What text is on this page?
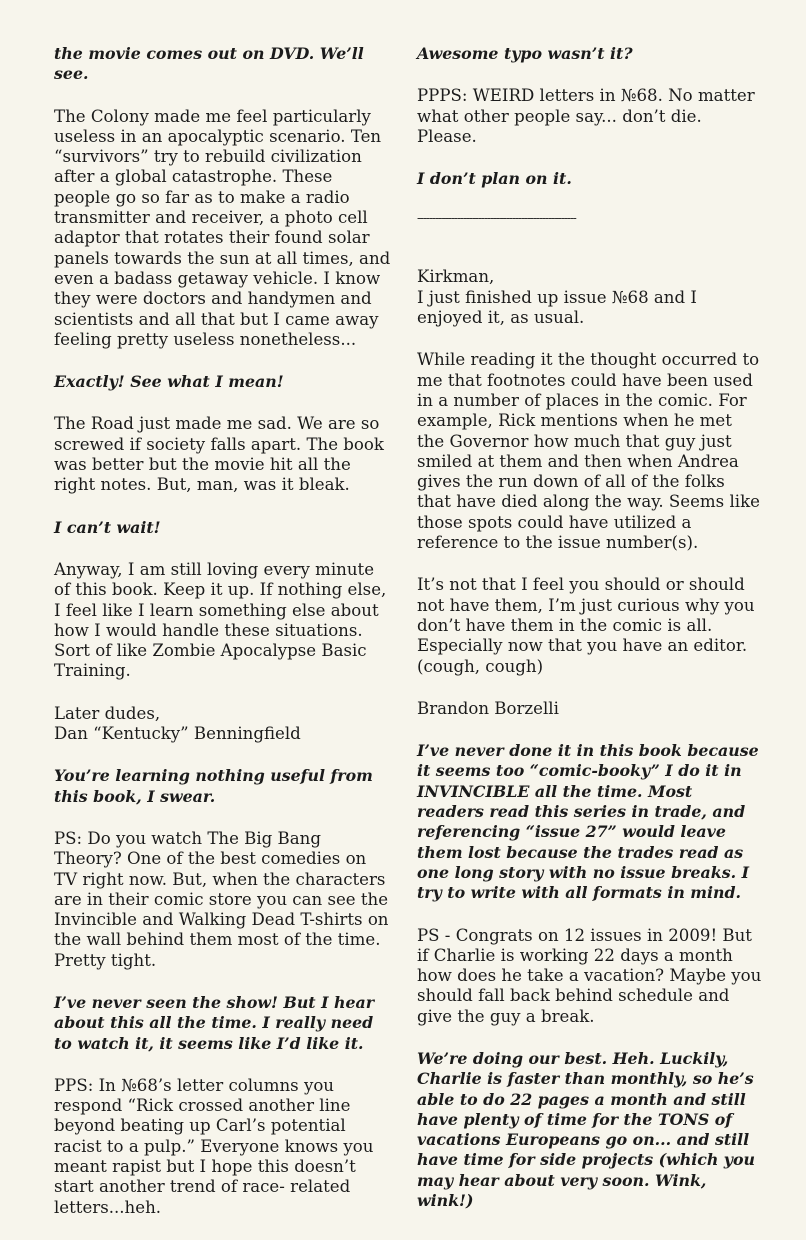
the movie comes out on DVD. We’ll see.

The Colony made me feel particularly useless in an apocalyptic scenario. Ten “survivors” try to rebuild civilization after a global catastrophe. These people go so far as to make a radio transmitter and receiver, a photo cell adaptor that rotates their found solar panels towards the sun at all times, and even a badass getaway vehicle. I know they were doctors and handymen and scientists and all that but I came away feeling pretty useless nonetheless...

Exactly! See what I mean!

The Road just made me sad. We are so screwed if society falls apart. The book was better but the movie hit all the right notes. But, man, was it bleak.

I can’t wait!

Anyway, I am still loving every minute of this book. Keep it up. If nothing else, I feel like I learn something else about how I would handle these situations. Sort of like Zombie Apocalypse Basic Training.

Later dudes,

Dan “Kentucky” Benningfield

You’re learning nothing useful from this book, I swear.

PS: Do you watch The Big Bang Theory? One of the best comedies on TV right now. But, when the characters are in their comic store you can see the Invincible and Walking Dead T-shirts on the wall behind them most of the time. Pretty tight.

I’ve never seen the show! But I hear about this all the time. I really need to watch it, it seems like I’d like it.

PPS: In №68’s letter columns you respond “Rick crossed another line beyond beating up Carl’s potential racist to a pulp.” Everyone knows you meant rapist but I hope this doesn’t start another trend of race- related letters...heh.

Awesome typo wasn’t it?

PPPS: WEIRD letters in №68. No matter what other people say... don’t die. Please.

I don’t plan on it.

----------------------------------------------------

Kirkman,

I just finished up issue №68 and I enjoyed it, as usual.

While reading it the thought occurred to me that footnotes could have been used in a number of places in the comic. For example, Rick mentions when he met the Governor how much that guy just smiled at them and then when Andrea gives the run down of all of the folks that have died along the way. Seems like those spots could have utilized a reference to the issue number(s).

It’s not that I feel you should or should not have them, I’m just curious why you don’t have them in the comic is all. Especially now that you have an editor. (cough, cough)

Brandon Borzelli

I’ve never done it in this book because it seems too “comic-booky” I do it in INVINCIBLE all the time. Most readers read this series in trade, and referencing “issue 27” would leave them lost because the trades read as one long story with no issue breaks. I try to write with all formats in mind.

PS - Congrats on 12 issues in 2009! But if Charlie is working 22 days a month how does he take a vacation? Maybe you should fall back behind schedule and give the guy a break.

We’re doing our best. Heh. Luckily, Charlie is faster than monthly, so he’s able to do 22 pages a month and still have plenty of time for the TONS of vacations Europeans go on... and still have time for side projects (which you may hear about very soon. Wink, wink!)
